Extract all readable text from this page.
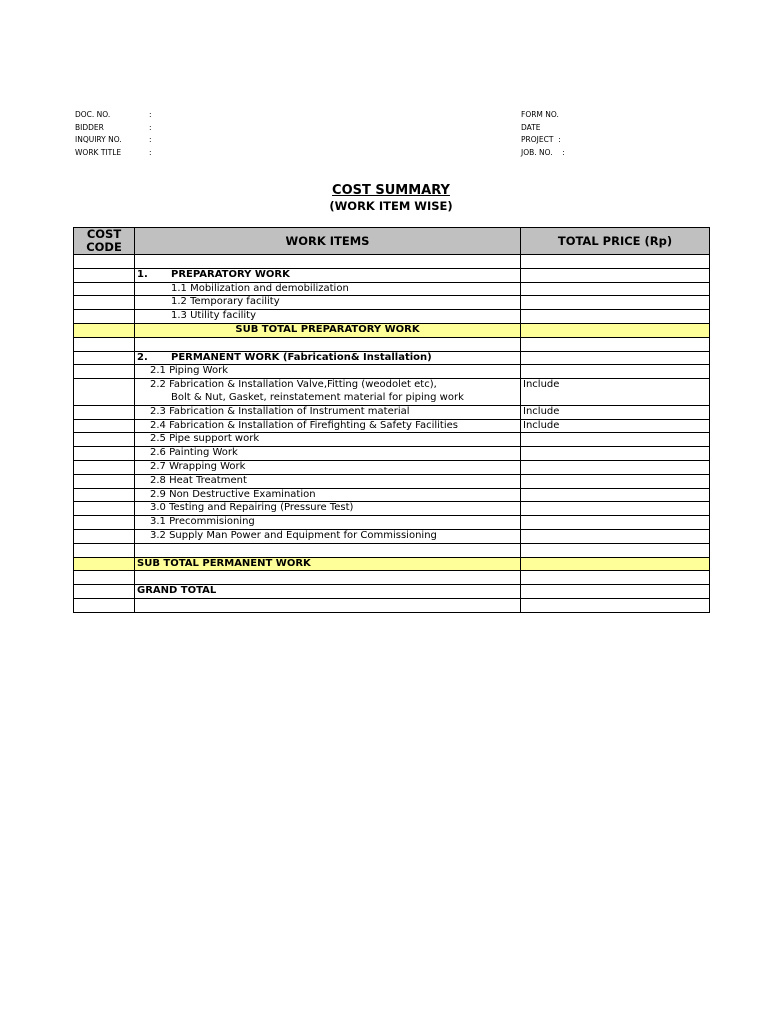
DOC. NO.	:
BIDDER	:
INQUIRY NO.	:
WORK TITLE	:
FORM NO.
DATE
PROJECT  :
JOB. NO.    :
COST SUMMARY
(WORK ITEM WISE)
COST CODE	WORK ITEMS	TOTAL PRICE (Rp)

	1. PREPARATORY WORK	
	1.1 Mobilization and demobilization	
	1.2 Temporary facility	
	1.3 Utility facility	
	SUB TOTAL PREPARATORY WORK	

	2. PERMANENT WORK (Fabrication& Installation)	
	2.1 Piping Work	
	2.2 Fabrication & Installation Valve,Fitting (weodolet etc),	Include
	Bolt & Nut, Gasket, reinstatement material for piping work	
	2.3 Fabrication & Installation of Instrument material	Include
	2.4 Fabrication & Installation of Firefighting & Safety Facilities	Include
	2.5 Pipe support work	
	2.6 Painting Work	
	2.7 Wrapping Work	
	2.8 Heat Treatment	
	2.9 Non Destructive Examination	
	3.0 Testing and Repairing (Pressure Test)	
	3.1 Precommisioning	
	3.2 Supply Man Power and Equipment for Commissioning	

	SUB TOTAL PERMANENT WORK	

	GRAND TOTAL	
